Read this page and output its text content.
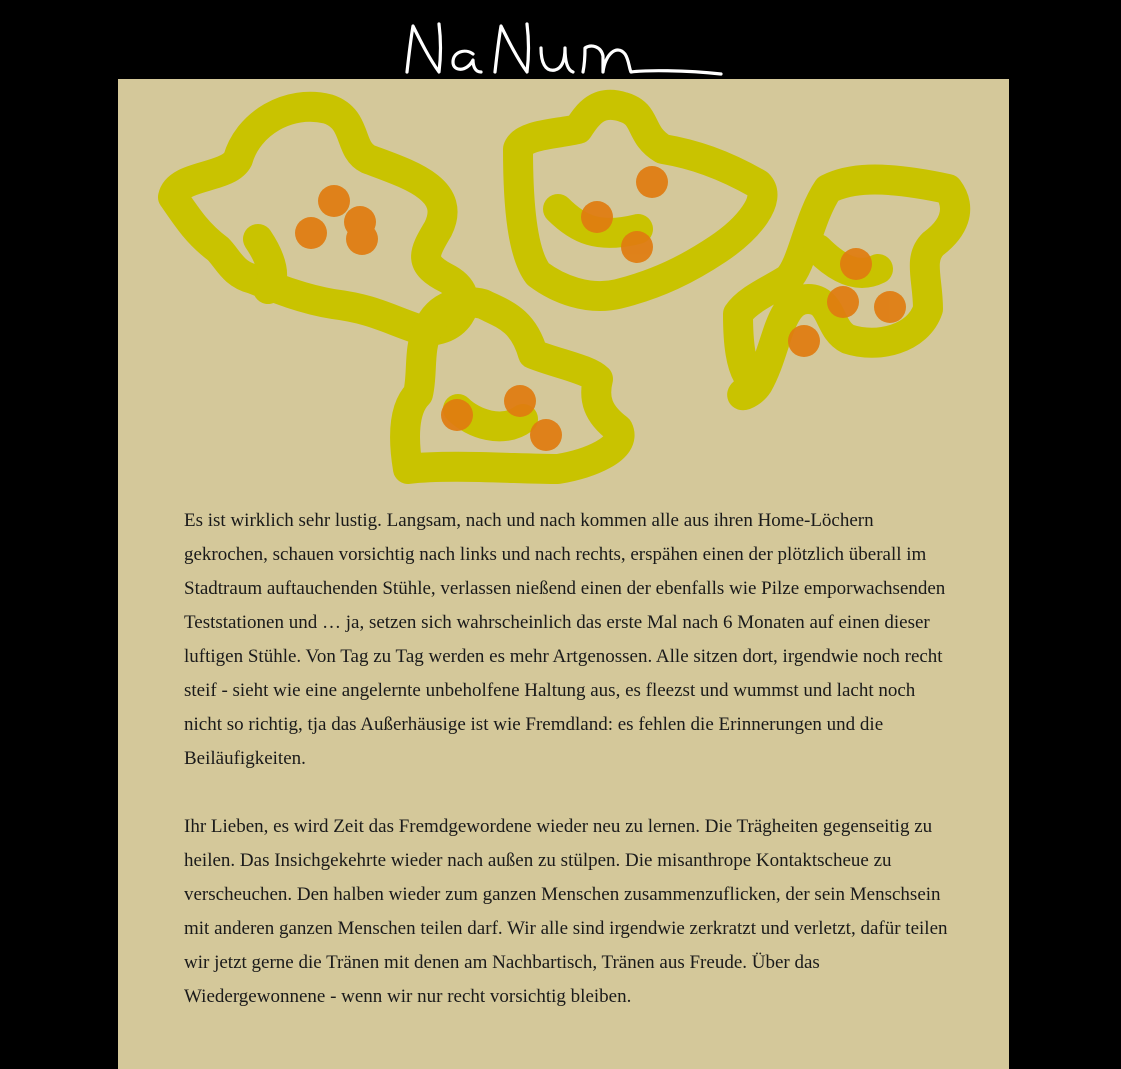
Es ist wirklich sehr lustig. Langsam, nach und nach kommen alle aus ihren Home-Löchern gekrochen, schauen vorsichtig nach links und nach rechts, erspähen einen der plötzlich überall im Stadtraum auftauchenden Stühle, verlassen nießend einen der ebenfalls wie Pilze emporwachsenden Teststationen und … ja, setzen sich wahrscheinlich das erste Mal nach 6 Monaten auf einen dieser luftigen Stühle. Von Tag zu Tag werden es mehr Artgenossen. Alle sitzen dort, irgendwie noch recht steif - sieht wie eine angelernte unbeholfene Haltung aus, es fleezst und wummst und lacht noch nicht so richtig, tja das Außerhäusige ist wie Fremdland: es fehlen die Erinnerungen und die Beiläufigkeiten.

Ihr Lieben, es wird Zeit das Fremdgewordene wieder neu zu lernen. Die Trägheiten gegenseitig zu heilen. Das Insichgekehrte wieder nach außen zu stülpen. Die misanthrope Kontaktscheue zu verscheuchen. Den halben wieder zum ganzen Menschen zusammenzuflicken, der sein Menschsein mit anderen ganzen Menschen teilen darf. Wir alle sind irgendwie zerkratzt und verletzt, dafür teilen wir jetzt gerne die Tränen mit denen am Nachbartisch, Tränen aus Freude. Über das Wiedergewonnene - wenn wir nur recht vorsichtig bleiben.
